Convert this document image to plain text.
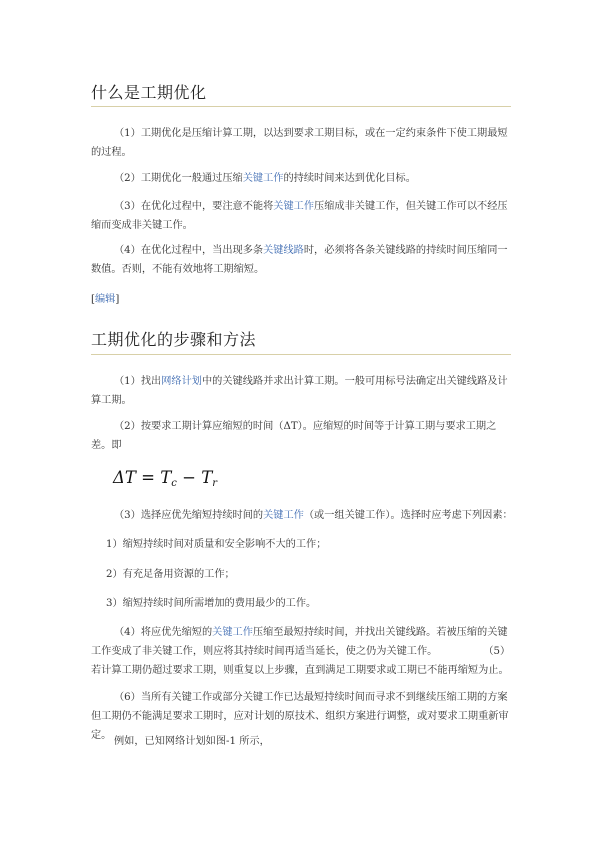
什么是工期优化
（1）工期优化是压缩计算工期，以达到要求工期目标，或在一定约束条件下使工期最短的过程。
（2）工期优化一般通过压缩关键工作的持续时间来达到优化目标。
（3）在优化过程中，要注意不能将关键工作压缩成非关键工作，但关键工作可以不经压缩而变成非关键工作。
（4）在优化过程中，当出现多条关键线路时，必须将各条关键线路的持续时间压缩同一数值。否则，不能有效地将工期缩短。
[编辑]
工期优化的步骤和方法
（1）找出网络计划中的关键线路并求出计算工期。一般可用标号法确定出关键线路及计算工期。
（2）按要求工期计算应缩短的时间（ΔT）。应缩短的时间等于计算工期与要求工期之差。即
$\Delta T = T_c - T_r$
（3）选择应优先缩短持续时间的关键工作（或一组关键工作）。选择时应考虑下列因素：
1）缩短持续时间对质量和安全影响不大的工作；
2）有充足备用资源的工作；
3）缩短持续时间所需增加的费用最少的工作。
（4）将应优先缩短的关键工作压缩至最短持续时间，并找出关键线路。若被压缩的关键工作变成了非关键工作，则应将其持续时间再适当延长，使之仍为关键工作。	（5）若计算工期仍超过要求工期，则重复以上步骤，直到满足工期要求或工期已不能再缩短为止。
（6）当所有关键工作或部分关键工作已达最短持续时间而寻求不到继续压缩工期的方案但工期仍不能满足要求工期时，应对计划的原技术、组织方案进行调整，或对要求工期重新审定。
例如，已知网络计划如图-1 所示，
